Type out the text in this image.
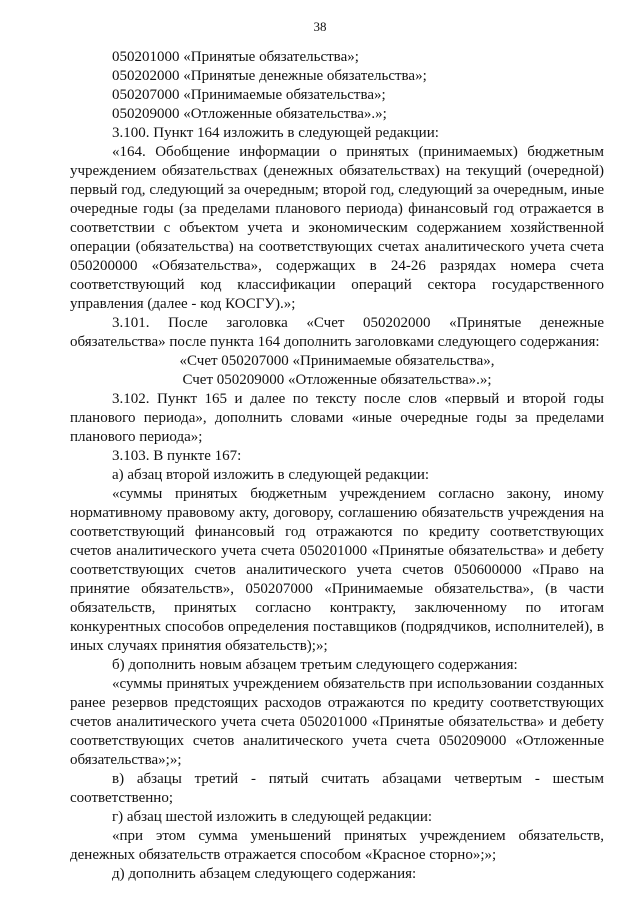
38

050201000 «Принятые обязательства»;

050202000 «Принятые денежные обязательства»;

050207000 «Принимаемые обязательства»;

050209000 «Отложенные обязательства».»;

3.100. Пункт 164 изложить в следующей редакции:

«164. Обобщение информации о принятых (принимаемых) бюджетным учреждением обязательствах (денежных обязательствах) на текущий (очередной) первый год, следующий за очередным; второй год, следующий за очередным, иные очередные годы (за пределами планового периода) финансовый год отражается в соответствии с объектом учета и экономическим содержанием хозяйственной операции (обязательства) на соответствующих счетах аналитического учета счета 050200000 «Обязательства», содержащих в 24-26 разрядах номера счета соответствующий код классификации операций сектора государственного управления (далее - код КОСГУ).»;

3.101. После заголовка «Счет 050202000 «Принятые денежные обязательства» после пункта 164 дополнить заголовками следующего содержания:

«Счет 050207000 «Принимаемые обязательства»,

Счет 050209000 «Отложенные обязательства».»;

3.102. Пункт 165 и далее по тексту после слов «первый и второй годы планового периода», дополнить словами «иные очередные годы за пределами планового периода»;

3.103. В пункте 167:

а) абзац второй изложить в следующей редакции:

«суммы принятых бюджетным учреждением согласно закону, иному нормативному правовому акту, договору, соглашению обязательств учреждения на соответствующий финансовый год отражаются по кредиту соответствующих счетов аналитического учета счета 050201000 «Принятые обязательства» и дебету соответствующих счетов аналитического учета счетов 050600000 «Право на принятие обязательств», 050207000 «Принимаемые обязательства», (в части обязательств, принятых согласно контракту, заключенному по итогам конкурентных способов определения поставщиков (подрядчиков, исполнителей), в иных случаях принятия обязательств);»;

б) дополнить новым абзацем третьим следующего содержания:

«суммы принятых учреждением обязательств при использовании созданных ранее резервов предстоящих расходов отражаются по кредиту соответствующих счетов аналитического учета счета 050201000 «Принятые обязательства» и дебету соответствующих счетов аналитического учета счета 050209000 «Отложенные обязательства»;»;

в) абзацы третий - пятый считать абзацами четвертым - шестым соответственно;

г) абзац шестой изложить в следующей редакции:

«при этом сумма уменьшений принятых учреждением обязательств, денежных обязательств отражается способом «Красное сторно»;»;

д) дополнить абзацем следующего содержания:
